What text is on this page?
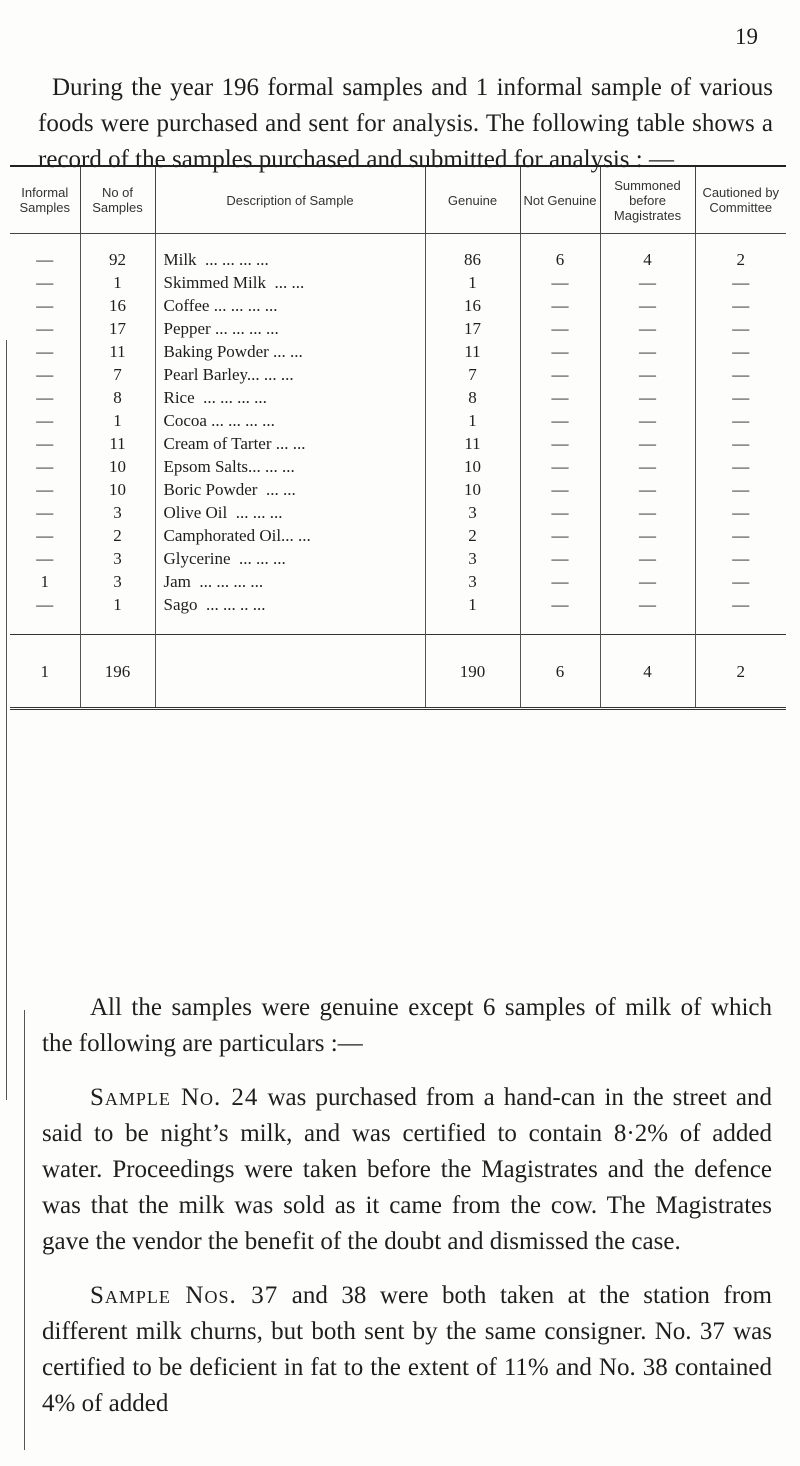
19

During the year 196 formal samples and 1 informal sample of various foods were purchased and sent for analysis. The following table shows a record of the samples purchased and submitted for analysis : —

Informal Samples	No of Samples	Description of Sample	Genuine	Not Genuine	Summoned before Magistrates	Cautioned by Committee
—	92	Milk  ... ... ... ...	86	6	4	2
—	1	Skimmed Milk  ... ...	1	—	—	—
—	16	Coffee ... ... ... ...	16	—	—	—
—	17	Pepper ... ... ... ...	17	—	—	—
—	11	Baking Powder ... ...	11	—	—	—
—	7	Pearl Barley... ... ...	7	—	—	—
—	8	Rice  ... ... ... ...	8	—	—	—
—	1	Cocoa ... ... ... ...	1	—	—	—
—	11	Cream of Tarter ... ...	11	—	—	—
—	10	Epsom Salts... ... ...	10	—	—	—
—	10	Boric Powder  ... ...	10	—	—	—
—	3	Olive Oil  ... ... ...	3	—	—	—
—	2	Camphorated Oil... ...	2	—	—	—
—	3	Glycerine  ... ... ...	3	—	—	—
1	3	Jam  ... ... ... ...	3	—	—	—
—	1	Sago  ... ... .. ...	1	—	—	—
1	196		190	6	4	2

All the samples were genuine except 6 samples of milk of which the following are particulars :—

Sample No. 24 was purchased from a hand-can in the street and said to be night’s milk, and was certified to contain 8·2% of added water. Proceedings were taken before the Magistrates and the defence was that the milk was sold as it came from the cow. The Magistrates gave the vendor the benefit of the doubt and dismissed the case.

Sample Nos. 37 and 38 were both taken at the station from different milk churns, but both sent by the same consigner. No. 37 was certified to be deficient in fat to the extent of 11% and No. 38 contained 4% of added
